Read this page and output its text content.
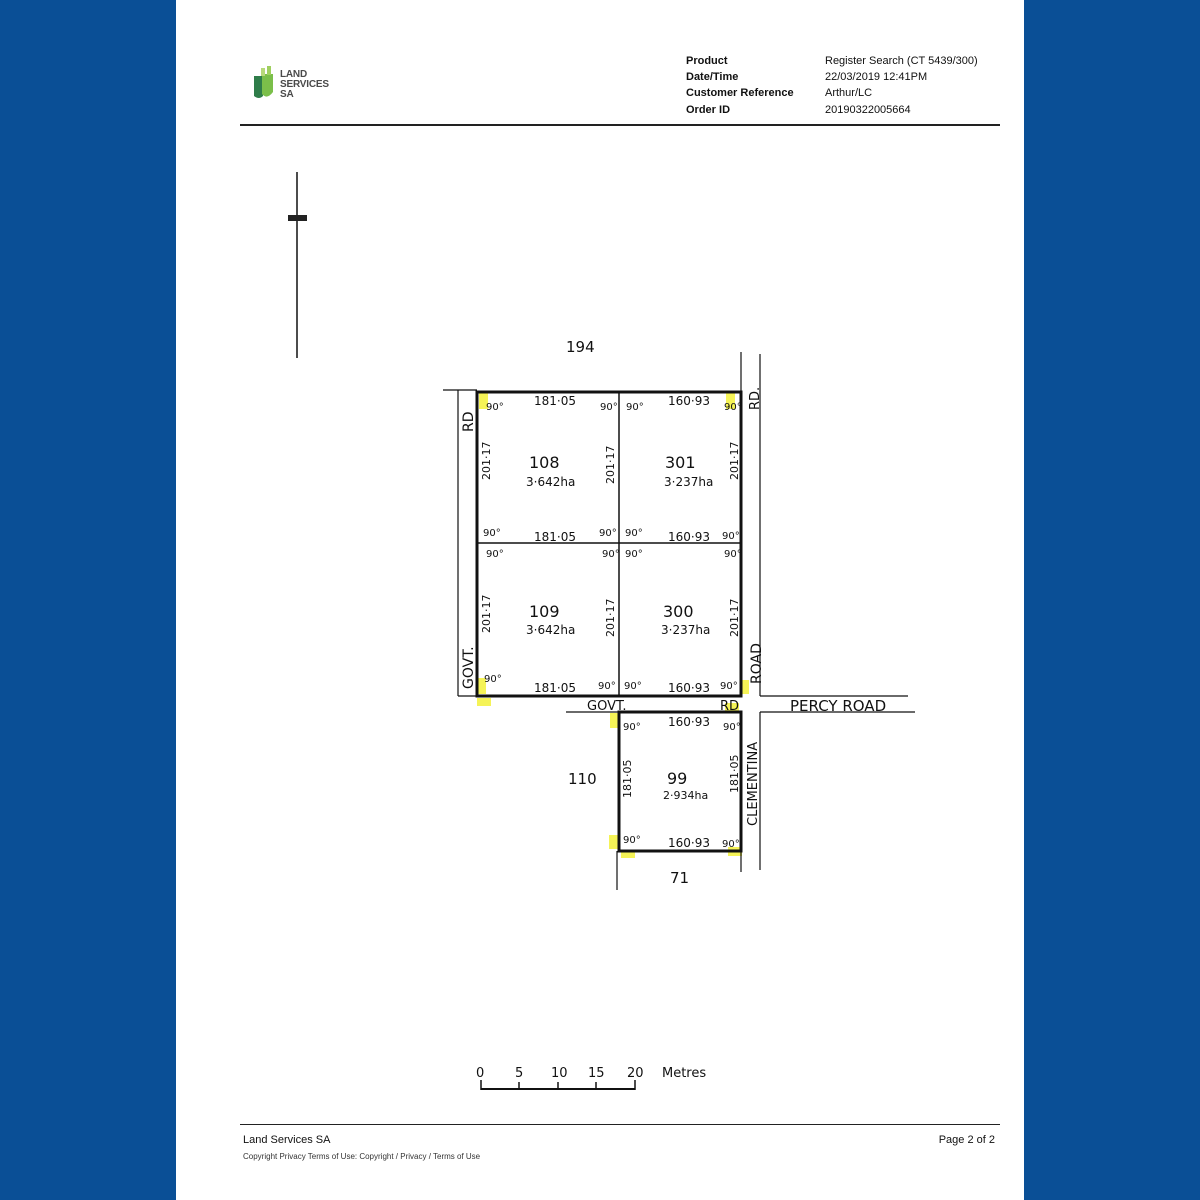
LAND
SERVICES
SA
Product	Register Search (CT 5439/300)
Date/Time	22/03/2019 12:41PM
Customer Reference	Arthur/LC
Order ID	20190322005664
194
110
71
RD
GOVT.
GOVT.	RD
RD.
ROAD
CLEMENTINA
PERCY ROAD
108
3·642ha
301
3·237ha
109
3·642ha
300
3·237ha
99
2·934ha
181·05	160·93
181·05	160·93
181·05	160·93
160·93
160·93
201·17	201·17	201·17
201·17	201·17	201·17
181·05	181·05
90°	90° 90°	90°
90°	90° 90°	90°
90°	90° 90°	90°
90°
90° 90°	90°
90°	90°
90°	90°
0 5 10 15 20 Metres
Land Services SA
Copyright Privacy Terms of Use: Copyright / Privacy / Terms of Use
Page 2 of 2
